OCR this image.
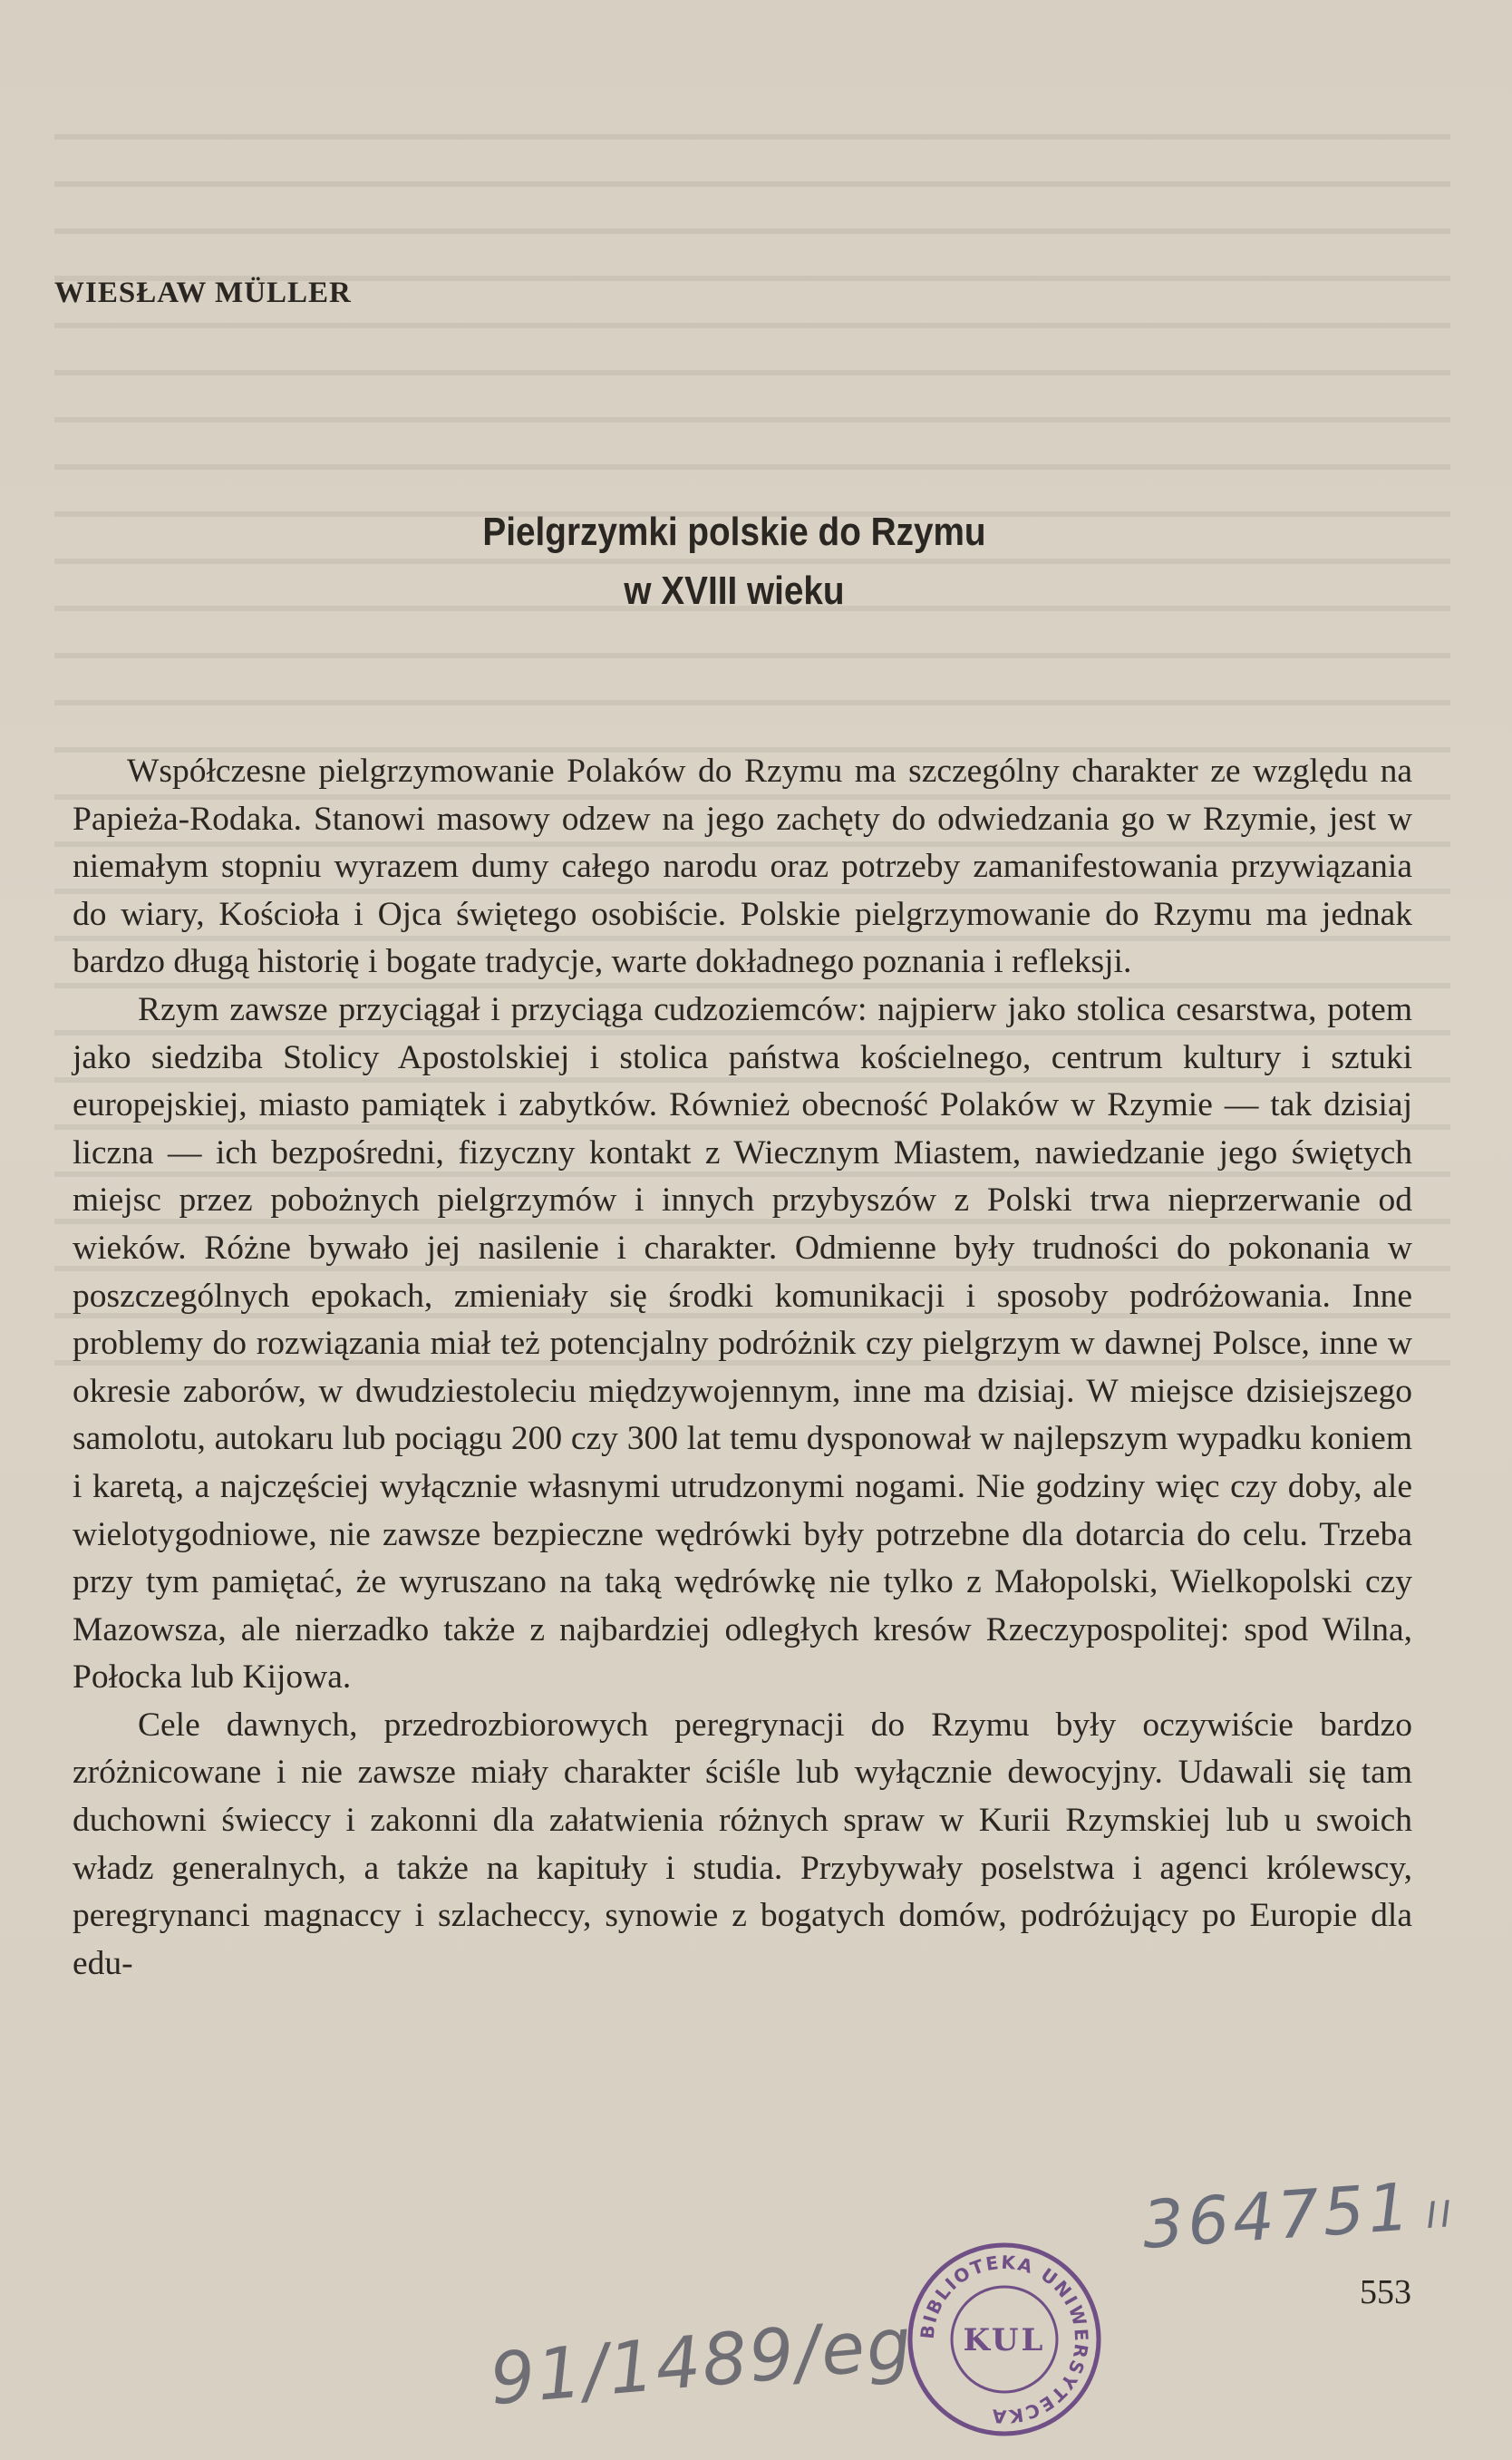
WIESŁAW MÜLLER
Pielgrzymki polskie do Rzymu
w XVIII wieku

Współczesne pielgrzymowanie Polaków do Rzymu ma szczególny charakter ze względu na Papieża-Rodaka. Stanowi masowy odzew na jego zachęty do odwiedzania go w Rzymie, jest w niemałym stopniu wyrazem dumy całego narodu oraz potrzeby zamanifestowania przywiązania do wiary, Kościoła i Ojca świętego osobiście. Polskie pielgrzymowanie do Rzymu ma jednak bardzo długą historię i bogate tradycje, warte dokładnego poznania i refleksji.

Rzym zawsze przyciągał i przyciąga cudzoziemców: najpierw jako stolica cesarstwa, potem jako siedziba Stolicy Apostolskiej i stolica państwa kościelnego, centrum kultury i sztuki europejskiej, miasto pamiątek i zabytków. Również obecność Polaków w Rzymie — tak dzisiaj liczna — ich bezpośredni, fizyczny kontakt z Wiecznym Miastem, nawiedzanie jego świętych miejsc przez pobożnych pielgrzymów i innych przybyszów z Polski trwa nieprzerwanie od wieków. Różne bywało jej nasilenie i charakter. Odmienne były trudności do pokonania w poszczególnych epokach, zmieniały się środki komunikacji i sposoby podróżowania. Inne problemy do rozwiązania miał też potencjalny podróżnik czy pielgrzym w dawnej Polsce, inne w okresie zaborów, w dwudziestoleciu międzywojennym, inne ma dzisiaj. W miejsce dzisiejszego samolotu, autokaru lub pociągu 200 czy 300 lat temu dysponował w najlepszym wypadku koniem i karetą, a najczęściej wyłącznie własnymi utrudzonymi nogami. Nie godziny więc czy doby, ale wielotygodniowe, nie zawsze bezpieczne wędrówki były potrzebne dla dotarcia do celu. Trzeba przy tym pamiętać, że wyruszano na taką wędrówkę nie tylko z Małopolski, Wielkopolski czy Mazowsza, ale nierzadko także z najbardziej odległych kresów Rzeczypospolitej: spod Wilna, Połocka lub Kijowa.

Cele dawnych, przedrozbiorowych peregrynacji do Rzymu były oczywiście bardzo zróżnicowane i nie zawsze miały charakter ściśle lub wyłącznie dewocyjny. Udawali się tam duchowni świeccy i zakonni dla załatwienia różnych spraw w Kurii Rzymskiej lub u swoich władz generalnych, a także na kapituły i studia. Przybywały poselstwa i agenci królewscy, peregrynanci magnaccy i szlacheccy, synowie z bogatych domów, podróżujący po Europie dla edu-

364751 II
553
BIBLIOTEKA UNIWERSYTECKA
KUL
91/1489/eg
